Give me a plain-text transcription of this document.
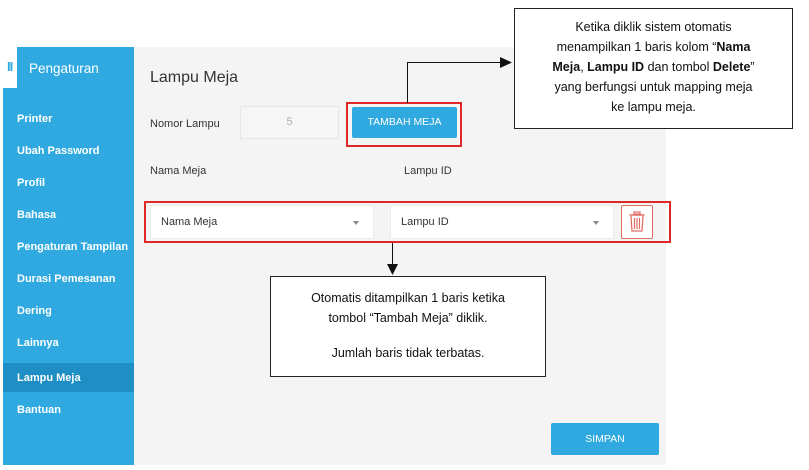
II Pengaturan
Printer
Ubah Password
Profil
Bahasa
Pengaturan Tampilan
Durasi Pemesanan
Dering
Lainnya
Lampu Meja
Bantuan
Lampu Meja
Nomor Lampu	5	TAMBAH MEJA
Nama Meja	Lampu ID
Nama Meja	Lampu ID
SIMPAN
Ketika diklik sistem otomatis
menampilkan 1 baris kolom “Nama
Meja, Lampu ID dan tombol Delete”
yang berfungsi untuk mapping meja
ke lampu meja.
Otomatis ditampilkan 1 baris ketika
tombol “Tambah Meja” diklik.
Jumlah baris tidak terbatas.
